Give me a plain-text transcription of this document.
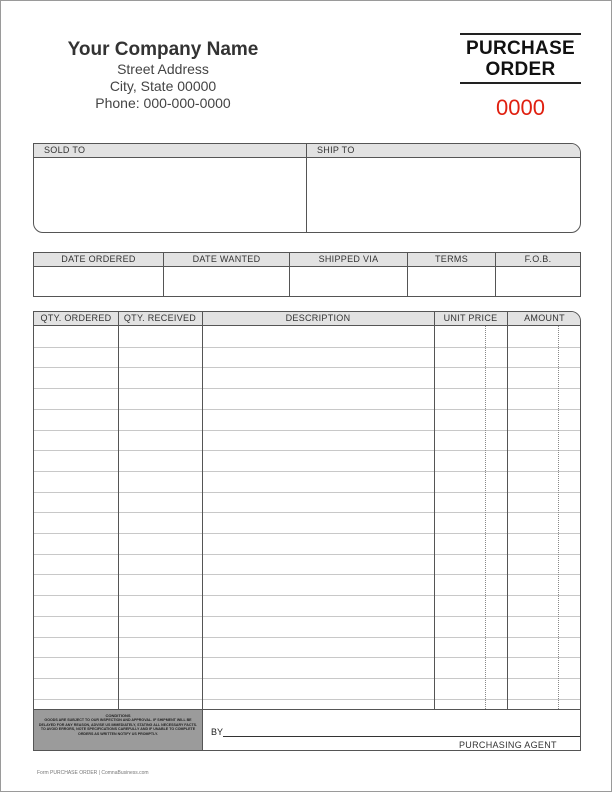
Your Company Name
Street Address
City, State 00000
Phone: 000-000-0000
PURCHASE
ORDER
0000
SOLD TO	SHIP TO
DATE ORDERED	DATE WANTED	SHIPPED VIA	TERMS	F.O.B.
QTY. ORDERED	QTY. RECEIVED	DESCRIPTION	UNIT PRICE	AMOUNT
CONDITIONS
GOODS ARE SUBJECT TO OUR INSPECTION AND APPROVAL. IF SHIPMENT WILL BE DELAYED FOR ANY REASON, ADVISE US IMMEDIATELY, STATING ALL NECESSARY FACTS. TO AVOID ERRORS, NOTE SPECIFICATIONS CAREFULLY AND IF UNABLE TO COMPLETE ORDERS AS WRITTEN NOTIFY US PROMPTLY.	BY
PURCHASING AGENT
Form PURCHASE ORDER | ComnaBusiness.com
